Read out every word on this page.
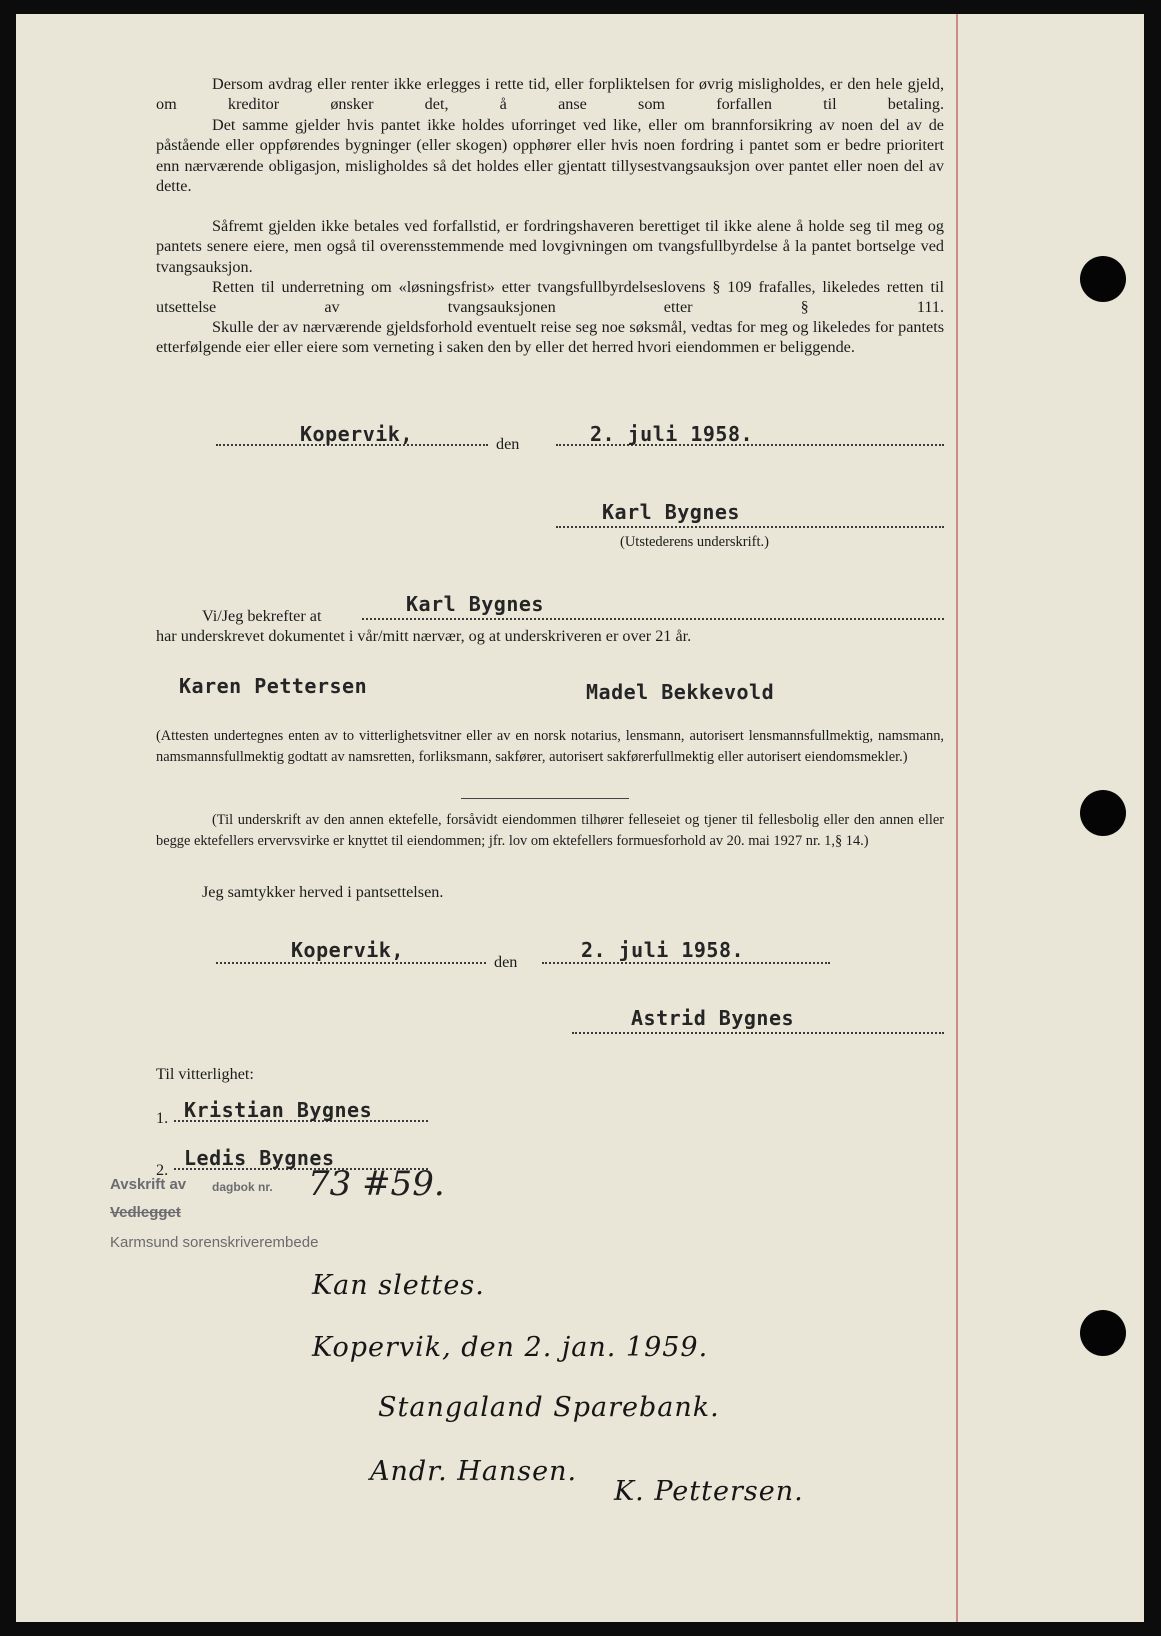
Dersom avdrag eller renter ikke erlegges i rette tid, eller forpliktelsen for øvrig misligholdes, er den hele gjeld, om kreditor ønsker det, å anse som forfallen til betaling.
Det samme gjelder hvis pantet ikke holdes uforringet ved like, eller om brannforsikring av noen del av de påstående eller oppførendes bygninger (eller skogen) opphører eller hvis noen fordring i pantet som er bedre prioritert enn nærværende obligasjon, misligholdes så det holdes eller gjentatt tillysestvangsauksjon over pantet eller noen del av dette.
Såfremt gjelden ikke betales ved forfallstid, er fordringshaveren berettiget til ikke alene å holde seg til meg og pantets senere eiere, men også til overensstemmende med lovgivningen om tvangsfullbyrdelse å la pantet bortselge ved tvangsauksjon.
Retten til underretning om «løsningsfrist» etter tvangsfullbyrdelseslovens § 109 frafalles, likeledes retten til utsettelse av tvangsauksjonen etter § 111.
Skulle der av nærværende gjeldsforhold eventuelt reise seg noe søksmål, vedtas for meg og likeledes for pantets etterfølgende eier eller eiere som verneting i saken den by eller det herred hvori eiendommen er beliggende.
Kopervik,	den	2. juli 1958.
Karl Bygnes
(Utstederens underskrift.)
Vi/Jeg bekrefter at	Karl Bygnes
har underskrevet dokumentet i vår/mitt nærvær, og at underskriveren er over 21 år.
Karen Pettersen	Madel Bekkevold
(Attesten undertegnes enten av to vitterlighetsvitner eller av en norsk notarius, lensmann, autorisert lensmannsfullmektig, namsmann, namsmannsfullmektig godtatt av namsretten, forliksmann, sakfører, autorisert sakførerfullmektig eller autorisert eiendomsmekler.)
(Til underskrift av den annen ektefelle, forsåvidt eiendommen tilhører felleseiet og tjener til fellesbolig eller den annen eller begge ektefellers ervervsvirke er knyttet til eiendommen; jfr. lov om ektefellers formuesforhold av 20. mai 1927 nr. 1,§ 14.)
Jeg samtykker herved i pantsettelsen.
Kopervik,	den	2. juli 1958.
Astrid Bygnes
Til vitterlighet:
1. Kristian Bygnes
2. Ledis Bygnes
Avskrift av dagbok nr. 73 #59.
Vedlegget
Karmsund sorenskriverembede
Kan slettes.
Kopervik, den 2. jan. 1959.
Stangaland Sparebank.
Andr. Hansen.
K. Pettersen.
